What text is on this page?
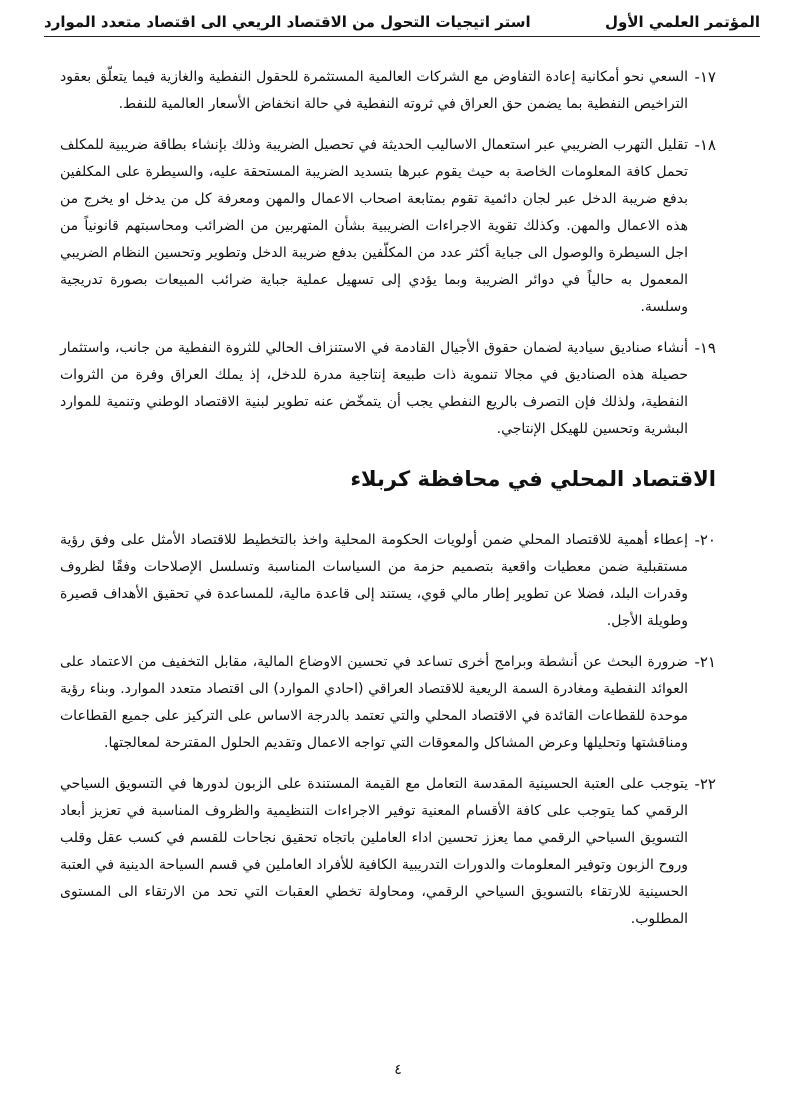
المؤتمر العلمي الأول
استر اتيجيات التحول من الاقتصاد الريعي الى اقتصاد متعدد الموارد
١٧-

السعي نحو أمكانية إعادة التفاوض مع الشركات العالمية المستثمرة للحقول النفطية والغازية فيما يتعلّق بعقود التراخيص النفطية بما يضمن حق العراق في ثروته النفطية في حالة انخفاض الأسعار العالمية للنفط.

١٨-

تقليل التهرب الضريبي عبر استعمال الاساليب الحديثة في تحصيل الضريبة وذلك بإنشاء بطاقة ضريبية للمكلف تحمل كافة المعلومات الخاصة به حيث يقوم عبرها بتسديد الضريبة المستحقة عليه، والسيطرة على المكلفين بدفع ضريبة الدخل عبر لجان دائمية تقوم بمتابعة اصحاب الاعمال والمهن ومعرفة كل من يدخل او يخرج من هذه الاعمال والمهن. وكذلك تقوية الاجراءات الضريبية بشأن المتهربين من الضرائب ومحاسبتهم قانونياً من اجل السيطرة والوصول الى جباية أكثر عدد من المكلّفين بدفع ضريبة الدخل وتطوير وتحسين النظام الضريبي المعمول به حالياً في دوائر الضريبة وبما يؤدي إلى تسهيل عملية جباية ضرائب المبيعات بصورة تدريجية وسلسة.

١٩-

أنشاء صناديق سيادية لضمان حقوق الأجيال القادمة في الاستنزاف الحالي للثروة النفطية من جانب، واستثمار حصيلة هذه الصناديق في مجالا تنموية ذات طبيعة إنتاجية مدرة للدخل، إذ يملك العراق وفرة من الثروات النفطية، ولذلك فإن التصرف بالريع النفطي يجب أن يتمخّض عنه تطوير لبنية الاقتصاد الوطني وتنمية للموارد البشرية وتحسين للهيكل الإنتاجي.

الاقتصاد المحلي في محافظة كربلاء
٢٠-

إعطاء أهمية للاقتصاد المحلي ضمن أولويات الحكومة المحلية واخذ بالتخطيط للاقتصاد الأمثل على وفق رؤية مستقبلية ضمن معطيات واقعية بتصميم حزمة من السياسات المناسبة وتسلسل الإصلاحات وفقًا لظروف وقدرات البلد، فضلا عن تطوير إطار مالي قوي، يستند إلى قاعدة مالية، للمساعدة في تحقيق الأهداف قصيرة وطويلة الأجل.

٢١-

ضرورة البحث عن أنشطة وبرامج أخرى تساعد في تحسين الاوضاع المالية، مقابل التخفيف من الاعتماد على العوائد النفطية ومغادرة السمة الريعية للاقتصاد العراقي (احادي الموارد) الى اقتصاد متعدد الموارد. وبناء رؤية موحدة للقطاعات القائدة في الاقتصاد المحلي والتي تعتمد بالدرجة الاساس على التركيز على جميع القطاعات ومناقشتها وتحليلها وعرض المشاكل والمعوقات التي تواجه الاعمال وتقديم الحلول المقترحة لمعالجتها.

٢٢-

يتوجب على العتبة الحسينية المقدسة التعامل مع القيمة المستندة على الزبون لدورها في التسويق السياحي الرقمي كما يتوجب على كافة الأقسام المعنية توفير الاجراءات التنظيمية والظروف المناسبة في تعزيز أبعاد التسويق السياحي الرقمي مما يعزز تحسين اداء العاملين باتجاه تحقيق نجاحات للقسم في كسب عقل وقلب وروح الزبون وتوفير المعلومات والدورات التدريبية الكافية للأفراد العاملين في قسم السياحة الدينية في العتبة الحسينية للارتقاء بالتسويق السياحي الرقمي، ومحاولة تخطي العقبات التي تحد من الارتقاء الى المستوى المطلوب.

٤
